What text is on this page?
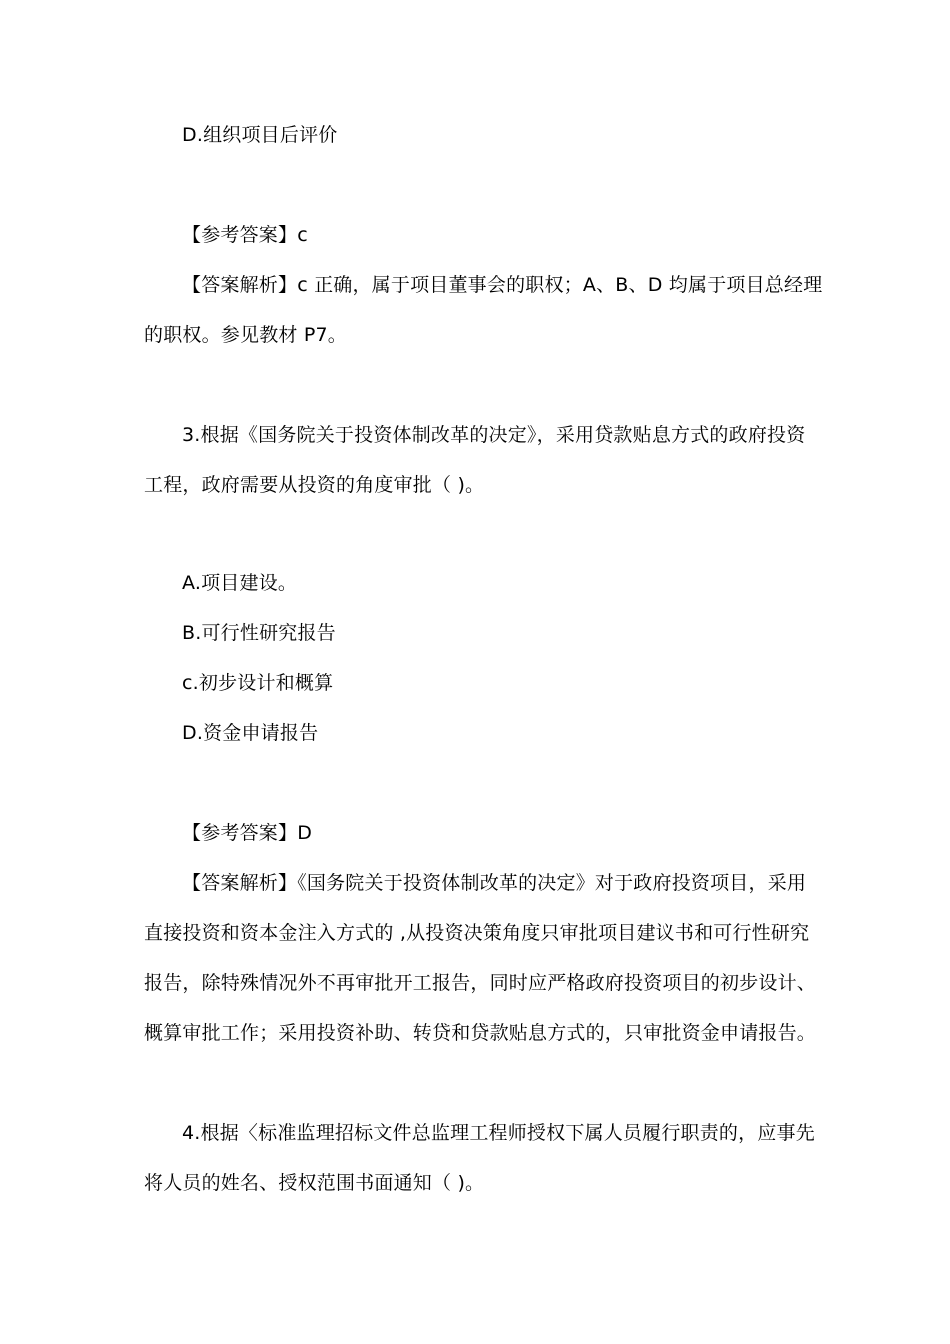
D.组织项目后评价
【参考答案】c
【答案解析】c 正确，属于项目董事会的职权；A、B、D 均属于项目总经理
的职权。参见教材 P7。
3.根据《国务院关于投资体制改革的决定》，采用贷款贴息方式的政府投资
工程，政府需要从投资的角度审批（ )。
A.项目建设。
B.可行性研究报告
c.初步设计和概算
D.资金申请报告
【参考答案】D
【答案解析】《国务院关于投资体制改革的决定》对于政府投资项目，采用
直接投资和资本金注入方式的 ,从投资决策角度只审批项目建议书和可行性研究
报告，除特殊情况外不再审批开工报告，同时应严格政府投资项目的初步设计、
概算审批工作；采用投资补助、转贷和贷款贴息方式的，只审批资金申请报告。
4.根据〈标准监理招标文件总监理工程师授权下属人员履行职责的，应事先
将人员的姓名、授权范围书面通知（ )。
